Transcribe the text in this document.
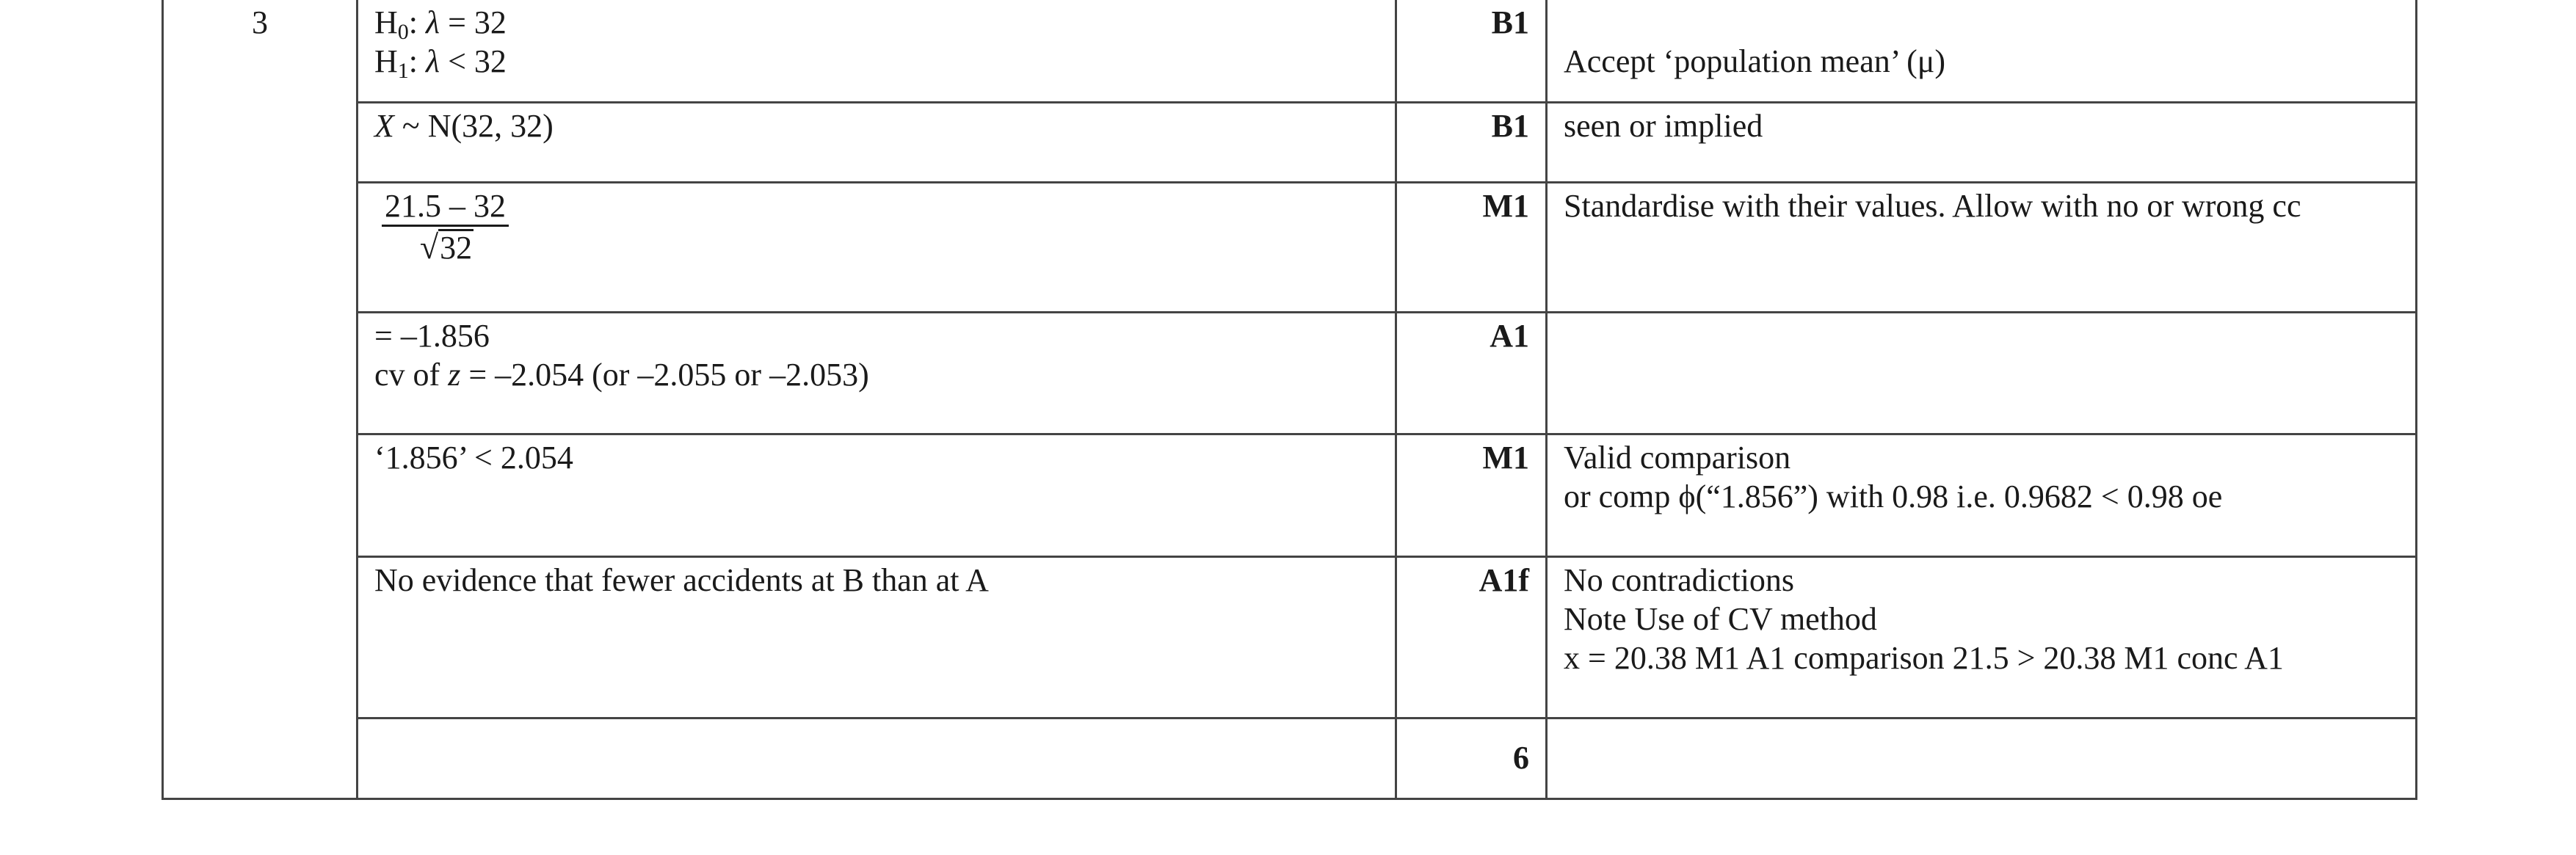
3	$H_0$: λ = 32
$H_1$: λ < 32	B1	Accept ‘population mean’ (μ)

	X ~ N(32, 32)	B1	seen or implied

	$\frac{21.5 - 32}{√32}$	M1	Standardise with their values. Allow with no or wrong cc

	= –1.856
cv of z = –2.054 (or –2.055 or –2.053)	A1	

	‘1.856’ < 2.054	M1	Valid comparison
or comp ϕ(“1.856”) with 0.98 i.e. 0.9682 < 0.98 oe

	No evidence that fewer accidents at B than at A	A1f	No contradictions
Note Use of CV method
x = 20.38 M1 A1 comparison 21.5 > 20.38 M1 conc A1

		6	
